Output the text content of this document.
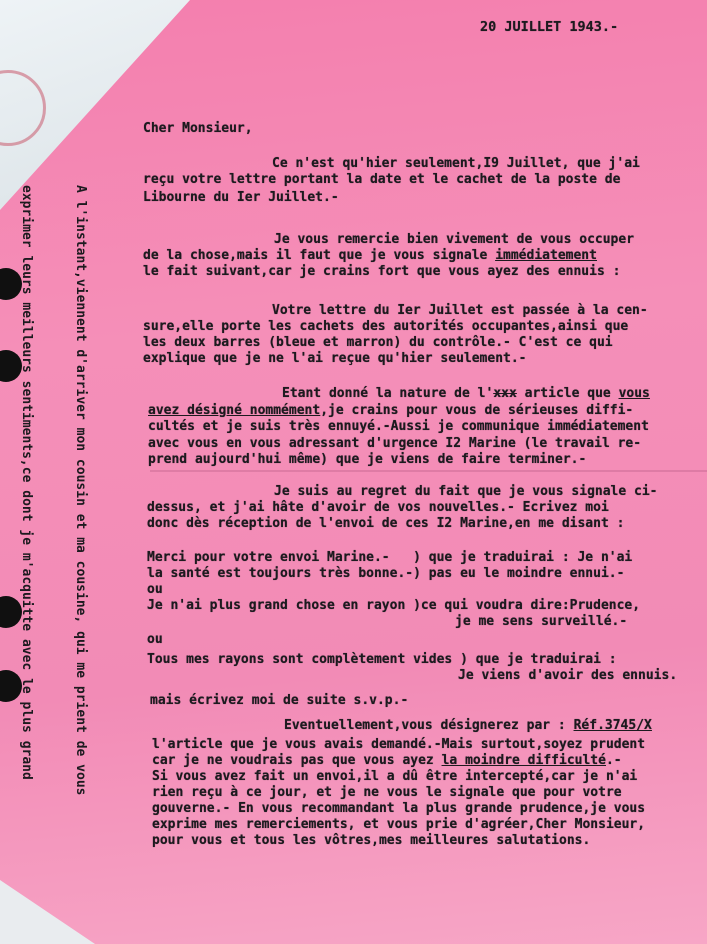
20 JUILLET 1943.-
Cher Monsieur,

A l'instant,viennent d'arriver mon cousin et ma cousine, qui me prient de vous

exprimer leurs meilleurs sentiments,ce dont je m'acquitte avec le plus grand

Ce n'est qu'hier seulement,I9 Juillet, que j'ai
reçu votre lettre portant la date et le cachet de la poste de
Libourne du Ier Juillet.-
Je vous remercie bien vivement de vous occuper
de la chose,mais il faut que je vous signale immédiatement
le fait suivant,car je crains fort que vous ayez des ennuis :
Votre lettre du Ier Juillet est passée à la cen-
sure,elle porte les cachets des autorités occupantes,ainsi que
les deux barres (bleue et marron) du contrôle.- C'est ce qui
explique que je ne l'ai reçue qu'hier seulement.-
Etant donné la nature de l'xxx article que vous
avez désigné nommément,je crains pour vous de sérieuses diffi-
cultés et je suis très ennuyé.-Aussi je communique immédiatement
avec vous en vous adressant d'urgence I2 Marine (le travail re-
prend aujourd'hui même) que je viens de faire terminer.-
Je suis au regret du fait que je vous signale ci-
dessus, et j'ai hâte d'avoir de vos nouvelles.- Ecrivez moi
donc dès réception de l'envoi de ces I2 Marine,en me disant :
Merci pour votre envoi Marine.-   ) que je traduirai : Je n'ai
la santé est toujours très bonne.-) pas eu le moindre ennui.-
ou
Je n'ai plus grand chose en rayon )ce qui voudra dire:Prudence,
je me sens surveillé.-
ou
Tous mes rayons sont complètement vides ) que je traduirai :
Je viens d'avoir des ennuis.
mais écrivez moi de suite s.v.p.-
Eventuellement,vous désignerez par : Réf.3745/X
l'article que je vous avais demandé.-Mais surtout,soyez prudent
car je ne voudrais pas que vous ayez la moindre difficulté.-
Si vous avez fait un envoi,il a dû être intercepté,car je n'ai
rien reçu à ce jour, et je ne vous le signale que pour votre
gouverne.- En vous recommandant la plus grande prudence,je vous
exprime mes remerciements, et vous prie d'agréer,Cher Monsieur,
pour vous et tous les vôtres,mes meilleures salutations.
